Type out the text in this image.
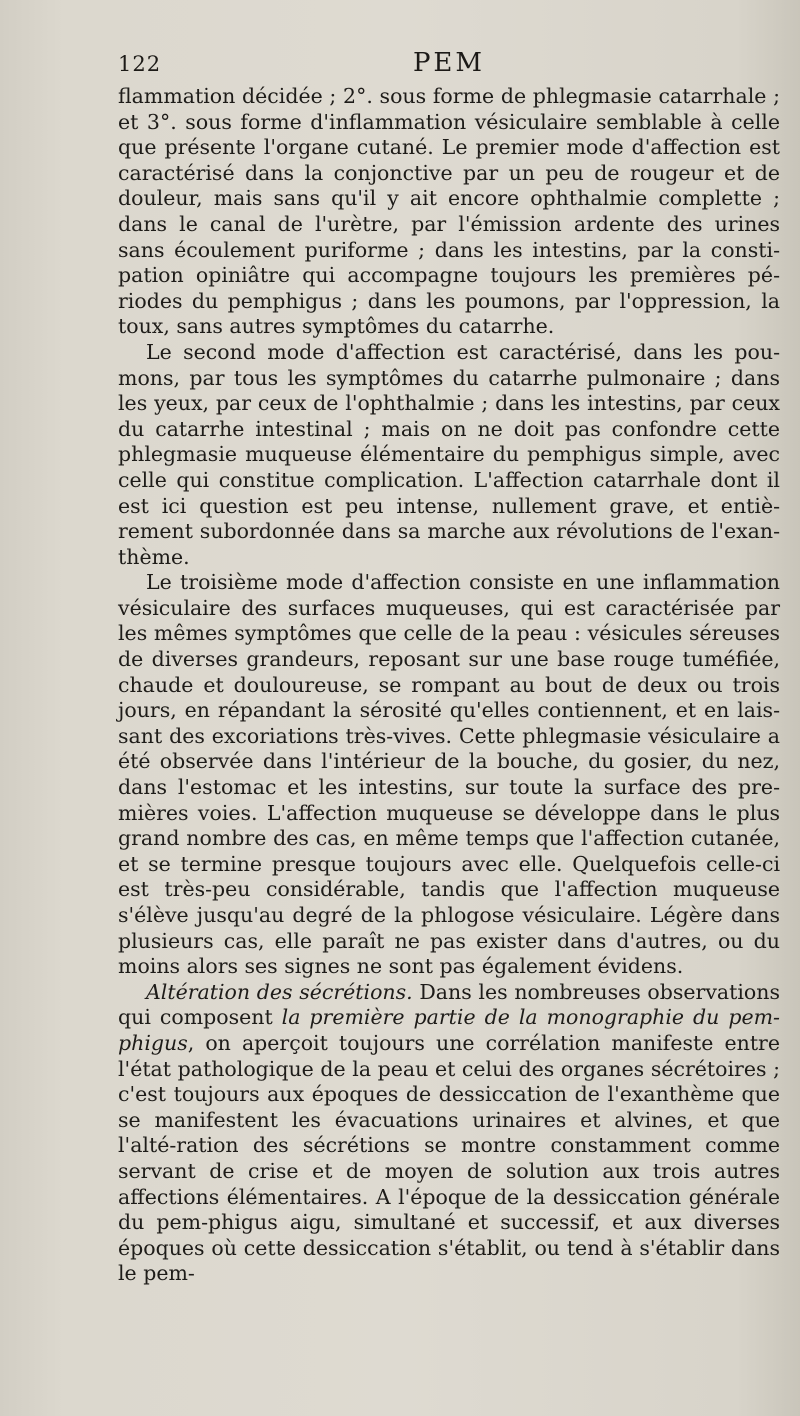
122	PEM

flammation décidée ; 2°. sous forme de phlegmasie catarrhale ; et 3°. sous forme d'inflammation vésiculaire semblable à celle que présente l'organe cutané. Le premier mode d'affection est caractérisé dans la conjonctive par un peu de rougeur et de douleur, mais sans qu'il y ait encore ophthalmie complette ; dans le canal de l'urètre, par l'émission ardente des urines sans écoulement puriforme ; dans les intestins, par la consti-pation opiniâtre qui accompagne toujours les premières pé-riodes du pemphigus ; dans les poumons, par l'oppression, la toux, sans autres symptômes du catarrhe.

Le second mode d'affection est caractérisé, dans les pou-mons, par tous les symptômes du catarrhe pulmonaire ; dans les yeux, par ceux de l'ophthalmie ; dans les intestins, par ceux du catarrhe intestinal ; mais on ne doit pas confondre cette phlegmasie muqueuse élémentaire du pemphigus simple, avec celle qui constitue complication. L'affection catarrhale dont il est ici question est peu intense, nullement grave, et entiè-rement subordonnée dans sa marche aux révolutions de l'exan-thème.

Le troisième mode d'affection consiste en une inflammation vésiculaire des surfaces muqueuses, qui est caractérisée par les mêmes symptômes que celle de la peau : vésicules séreuses de diverses grandeurs, reposant sur une base rouge tuméfiée, chaude et douloureuse, se rompant au bout de deux ou trois jours, en répandant la sérosité qu'elles contiennent, et en lais-sant des excoriations très-vives. Cette phlegmasie vésiculaire a été observée dans l'intérieur de la bouche, du gosier, du nez, dans l'estomac et les intestins, sur toute la surface des pre-mières voies. L'affection muqueuse se développe dans le plus grand nombre des cas, en même temps que l'affection cutanée, et se termine presque toujours avec elle. Quelquefois celle-ci est très-peu considérable, tandis que l'affection muqueuse s'élève jusqu'au degré de la phlogose vésiculaire. Légère dans plusieurs cas, elle paraît ne pas exister dans d'autres, ou du moins alors ses signes ne sont pas également évidens.

Altération des sécrétions. Dans les nombreuses observations qui composent la première partie de la monographie du pem-phigus, on aperçoit toujours une corrélation manifeste entre l'état pathologique de la peau et celui des organes sécrétoires ; c'est toujours aux époques de dessiccation de l'exanthème que se manifestent les évacuations urinaires et alvines, et que l'alté-ration des sécrétions se montre constamment comme servant de crise et de moyen de solution aux trois autres affections élémentaires. A l'époque de la dessiccation générale du pem-phigus aigu, simultané et successif, et aux diverses époques où cette dessiccation s'établit, ou tend à s'établir dans le pem-
